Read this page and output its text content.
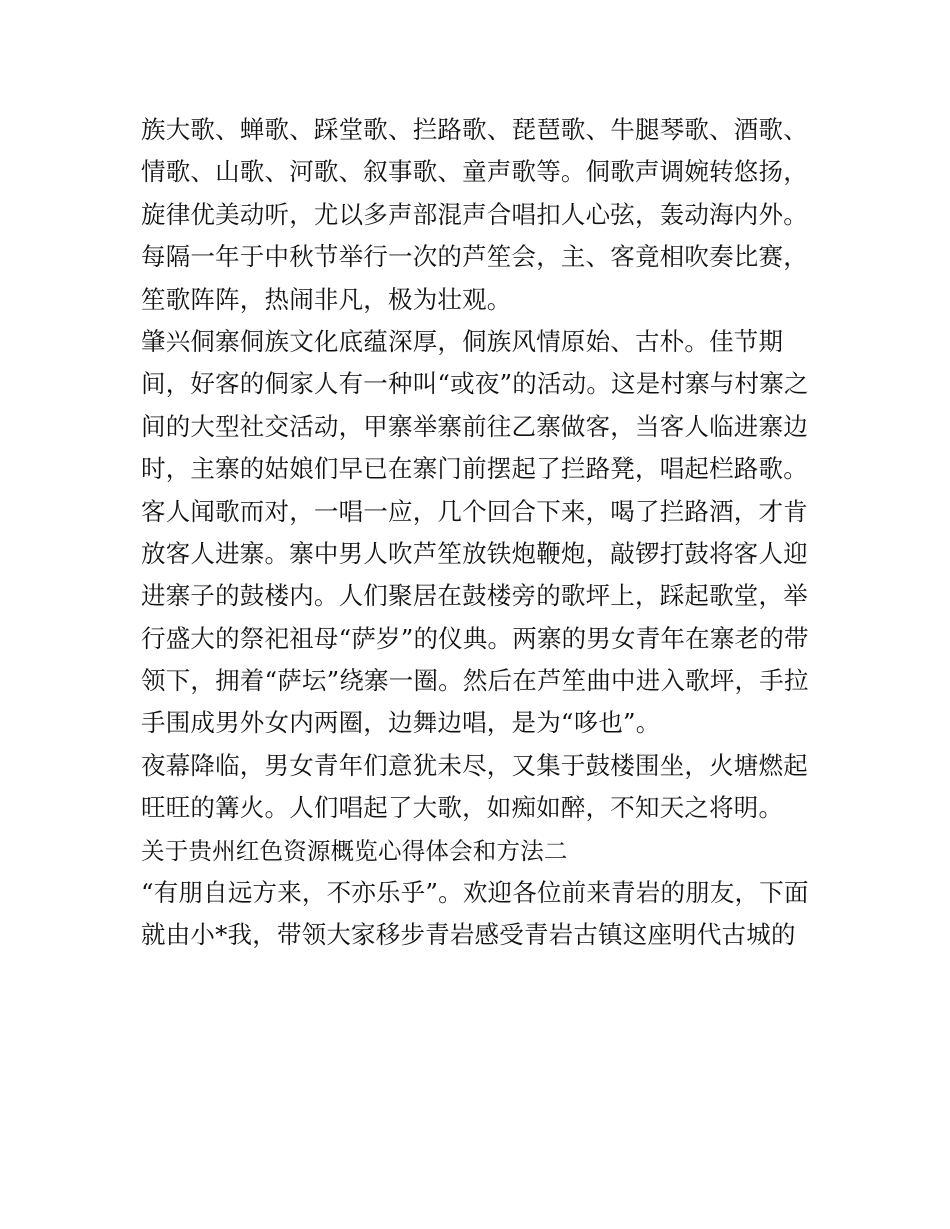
族大歌、蝉歌、踩堂歌、拦路歌、琵琶歌、牛腿琴歌、酒歌、
情歌、山歌、河歌、叙事歌、童声歌等。侗歌声调婉转悠扬，
旋律优美动听，尤以多声部混声合唱扣人心弦，轰动海内外。
每隔一年于中秋节举行一次的芦笙会，主、客竟相吹奏比赛，
笙歌阵阵，热闹非凡，极为壮观。
肇兴侗寨侗族文化底蕴深厚，侗族风情原始、古朴。佳节期
间，好客的侗家人有一种叫“或夜”的活动。这是村寨与村寨之
间的大型社交活动，甲寨举寨前往乙寨做客，当客人临进寨边
时，主寨的姑娘们早已在寨门前摆起了拦路凳，唱起栏路歌。
客人闻歌而对，一唱一应，几个回合下来，喝了拦路酒，才肯
放客人进寨。寨中男人吹芦笙放铁炮鞭炮，敲锣打鼓将客人迎
进寨子的鼓楼内。人们聚居在鼓楼旁的歌坪上，踩起歌堂，举
行盛大的祭祀祖母“萨岁”的仪典。两寨的男女青年在寨老的带
领下，拥着“萨坛”绕寨一圈。然后在芦笙曲中进入歌坪，手拉
手围成男外女内两圈，边舞边唱，是为“哆也”。
夜幕降临，男女青年们意犹未尽，又集于鼓楼围坐，火塘燃起
旺旺的篝火。人们唱起了大歌，如痴如醉，不知天之将明。
关于贵州红色资源概览心得体会和方法二
“有朋自远方来，不亦乐乎”。欢迎各位前来青岩的朋友，下面
就由小*我，带领大家移步青岩感受青岩古镇这座明代古城的
